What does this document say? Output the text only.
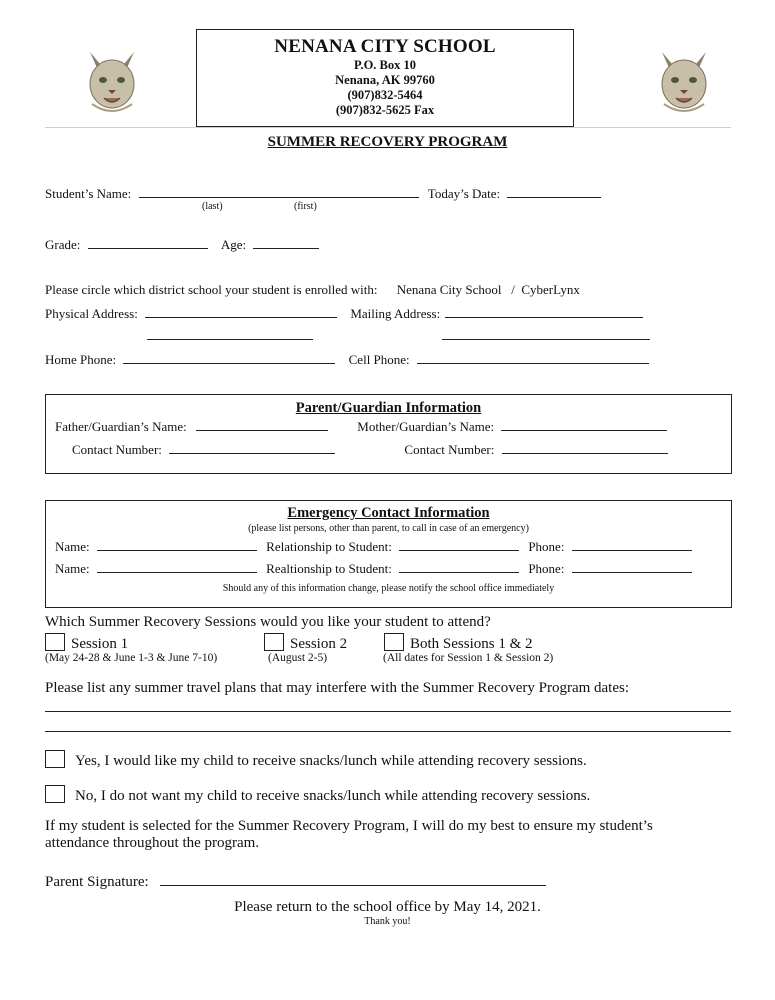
NENANA CITY SCHOOL
P.O. Box 10
Nenana, AK 99760
(907)832-5464
(907)832-5625 Fax
SUMMER RECOVERY PROGRAM
Student’s Name:	Today’s Date:
(last)	(first)
Grade:	Age:
Please circle which district school your student is enrolled with: Nenana City School   /  CyberLynx
Physical Address:	Mailing Address:
Home Phone:	Cell Phone:
Parent/Guardian Information
Father/Guardian’s Name:	Mother/Guardian’s Name:
Contact Number:	Contact Number:
Emergency Contact Information
(please list persons, other than parent, to call in case of an emergency)
Name:	Relationship to Student:	Phone:
Name:	Realtionship to Student:	Phone:
Should any of this information change, please notify the school office immediately
Which Summer Recovery Sessions would you like your student to attend?
Session 1	Session 2	Both Sessions 1 & 2
(May 24-28 & June 1-3 & June 7-10)	(August 2-5)	(All dates for Session 1 & Session 2)
Please list any summer travel plans that may interfere with the Summer Recovery Program dates:
Yes, I would like my child to receive snacks/lunch while attending recovery sessions.
No, I do not want my child to receive snacks/lunch while attending recovery sessions.
If my student is selected for the Summer Recovery Program, I will do my best to ensure my student’s
attendance throughout the program.
Parent Signature:
Please return to the school office by May 14, 2021.
Thank you!
